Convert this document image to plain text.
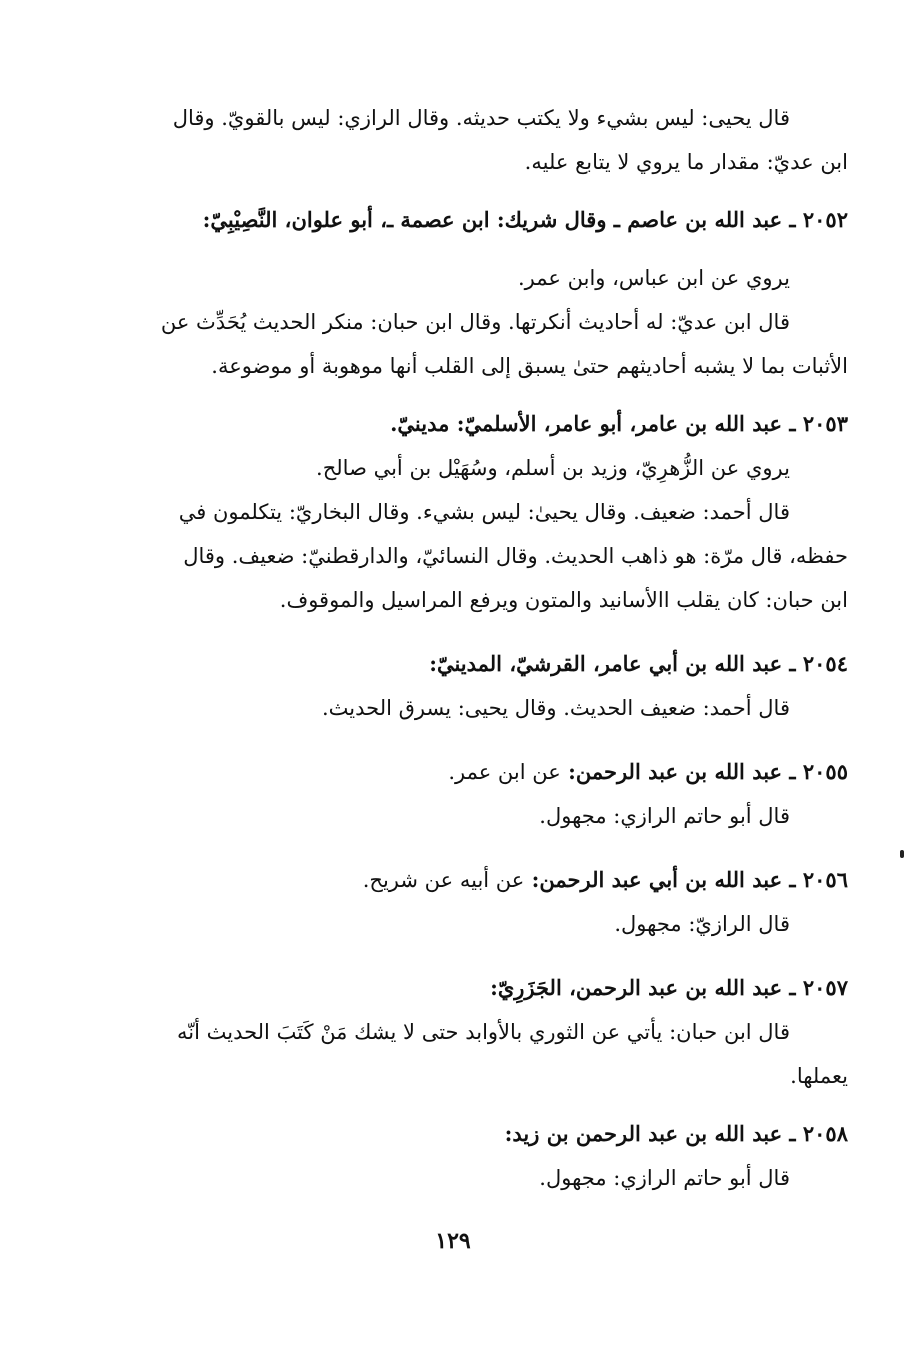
قال يحيى: ليس بشيء ولا يكتب حديثه. وقال الرازي: ليس بالقويّ. وقال

ابن عديّ: مقدار ما يروي لا يتابع عليه.

٢٠٥٢ ـ عبد الله بن عاصم ـ وقال شريك: ابن عصمة ـ، أبو علوان، النَّصِيْبِيّ:

يروي عن ابن عباس، وابن عمر.

قال ابن عديّ: له أحاديث أنكرتها. وقال ابن حبان: منكر الحديث يُحَدِّث عن

الأثبات بما لا يشبه أحاديثهم حتىٰ يسبق إلى القلب أنها موهوبة أو موضوعة.

٢٠٥٣ ـ عبد الله بن عامر، أبو عامر، الأسلميّ: مدينيّ.

يروي عن الزُّهرِيّ، وزيد بن أسلم، وسُهَيْل بن أبي صالح.

قال أحمد: ضعيف. وقال يحيىٰ: ليس بشيء. وقال البخاريّ: يتكلمون في

حفظه، قال مرّة: هو ذاهب الحديث. وقال النسائيّ، والدارقطنيّ: ضعيف. وقال

ابن حبان: كان يقلب االأسانيد والمتون ويرفع المراسيل والموقوف.

٢٠٥٤ ـ عبد الله بن أبي عامر، القرشيّ، المدينيّ:

قال أحمد: ضعيف الحديث. وقال يحيى: يسرق الحديث.

٢٠٥٥ ـ عبد الله بن عبد الرحمن: عن ابن عمر.

قال أبو حاتم الرازي: مجهول.

٢٠٥٦ ـ عبد الله بن أبي عبد الرحمن: عن أبيه عن شريح.

قال الرازيّ: مجهول.

٢٠٥٧ ـ عبد الله بن عبد الرحمن، الجَزَرِيّ:

قال ابن حبان: يأتي عن الثوري بالأوابد حتى لا يشك مَنْ كَتَبَ الحديث أنّه

يعملها.

٢٠٥٨ ـ عبد الله بن عبد الرحمن بن زيد:

قال أبو حاتم الرازي: مجهول.

١٢٩
